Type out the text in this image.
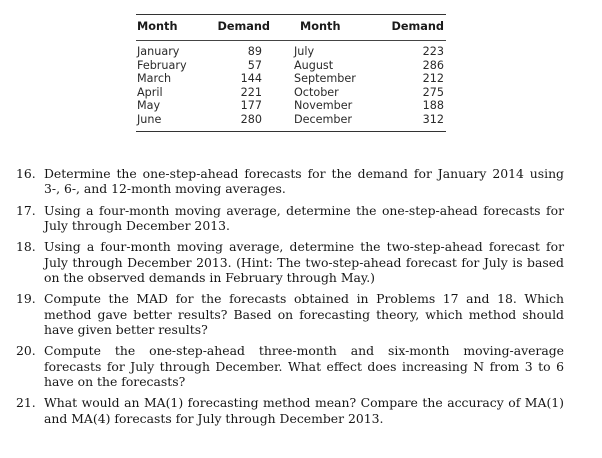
Month	Demand	Month	Demand
January	89	July	223
February	57	August	286
March	144	September	212
April	221	October	275
May	177	November	188
June	280	December	312
16. Determine the one-step-ahead forecasts for the demand for January 2014 using 3-, 6-, and 12-month moving averages.
17. Using a four-month moving average, determine the one-step-ahead forecasts for July through December 2013.
18. Using a four-month moving average, determine the two-step-ahead forecast for July through December 2013. (Hint: The two-step-ahead forecast for July is based on the observed demands in February through May.)
19. Compute the MAD for the forecasts obtained in Problems 17 and 18. Which method gave better results? Based on forecasting theory, which method should have given better results?
20. Compute the one-step-ahead three-month and six-month moving-average forecasts for July through December. What effect does increasing N from 3 to 6 have on the forecasts?
21. What would an MA(1) forecasting method mean? Compare the accuracy of MA(1) and MA(4) forecasts for July through December 2013.
